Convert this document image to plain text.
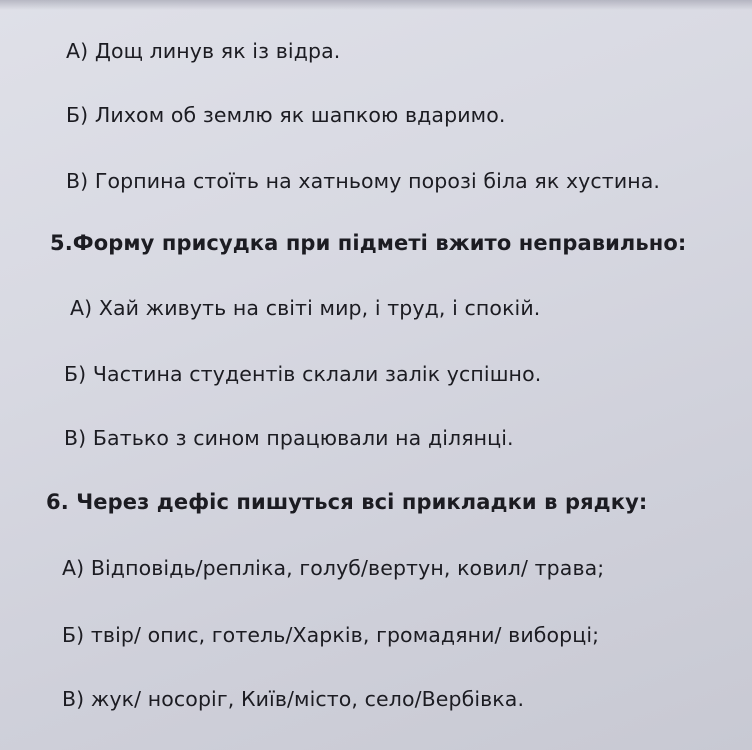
А) Дощ линув як із відра.
Б) Лихом об землю як шапкою вдаримо.
В) Горпина стоїть на хатньому порозі біла як хустина.
5.Форму присудка при підметі вжито неправильно:
А) Хай живуть на світі мир, і труд, і спокій.
Б) Частина студентів склали залік успішно.
В) Батько з сином працювали на ділянці.
6. Через дефіс пишуться всі прикладки в рядку:
А) Відповідь/репліка, голуб/вертун, ковил/ трава;
Б) твір/ опис, готель/Харків, громадяни/ виборці;
В) жук/ носоріг, Київ/місто, село/Вербівка.
